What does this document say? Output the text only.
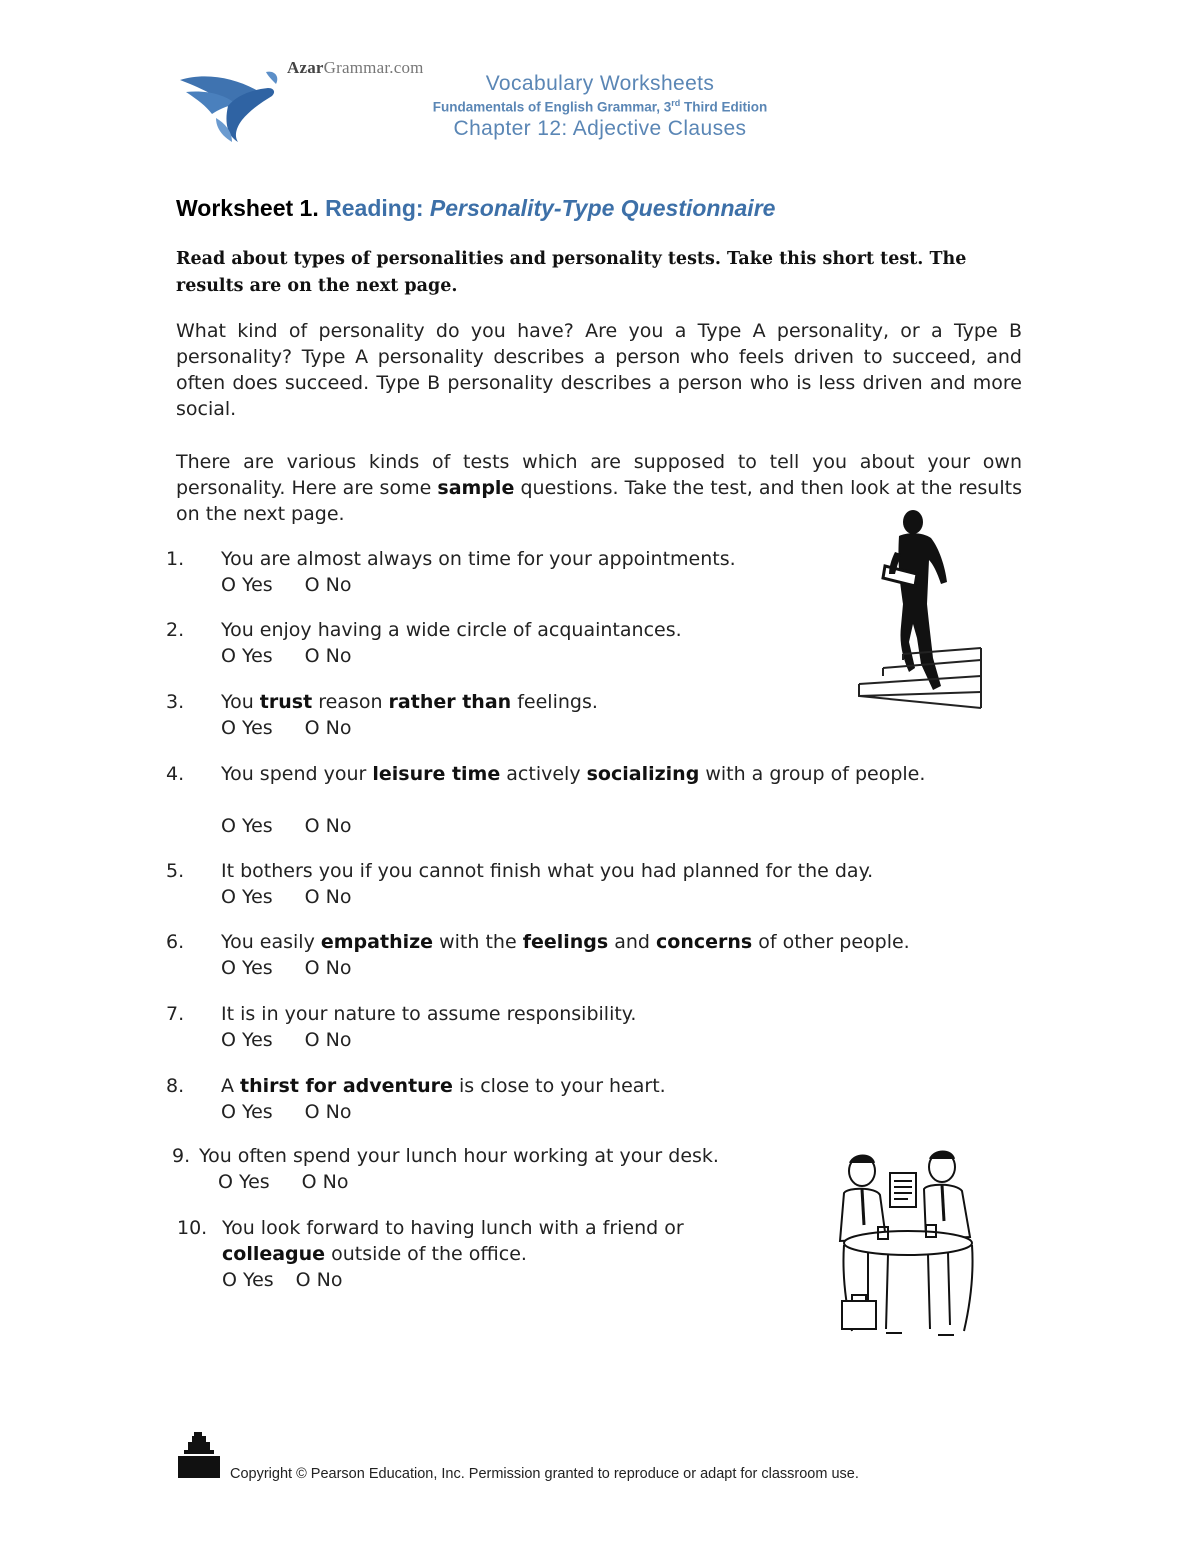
AzarGrammar.com
Vocabulary Worksheets
Fundamentals of English Grammar, 3rd Third Edition
Chapter 12: Adjective Clauses
Worksheet 1. Reading: Personality-Type Questionnaire
Read about types of personalities and personality tests. Take this short test. The results are on the next page.
What kind of personality do you have? Are you a Type A personality, or a Type B personality? Type A personality describes a person who feels driven to succeed, and often does succeed. Type B personality describes a person who is less driven and more social.
There are various kinds of tests which are supposed to tell you about your own personality. Here are some sample questions. Take the test, and then look at the results on the next page.
1. You are almost always on time for your appointments.
O Yes O No
2. You enjoy having a wide circle of acquaintances.
O Yes O No
3. You trust reason rather than feelings.
O Yes O No
4. You spend your leisure time actively socializing with a group of people.
O Yes O No
5. It bothers you if you cannot finish what you had planned for the day.
O Yes O No
6. You easily empathize with the feelings and concerns of other people.
O Yes O No
7. It is in your nature to assume responsibility.
O Yes O No
8. A thirst for adventure is close to your heart.
O Yes O No
9. You often spend your lunch hour working at your desk.
O Yes O No
10. You look forward to having lunch with a friend or colleague outside of the office.
O Yes O No
Copyright © Pearson Education, Inc. Permission granted to reproduce or adapt for classroom use.
